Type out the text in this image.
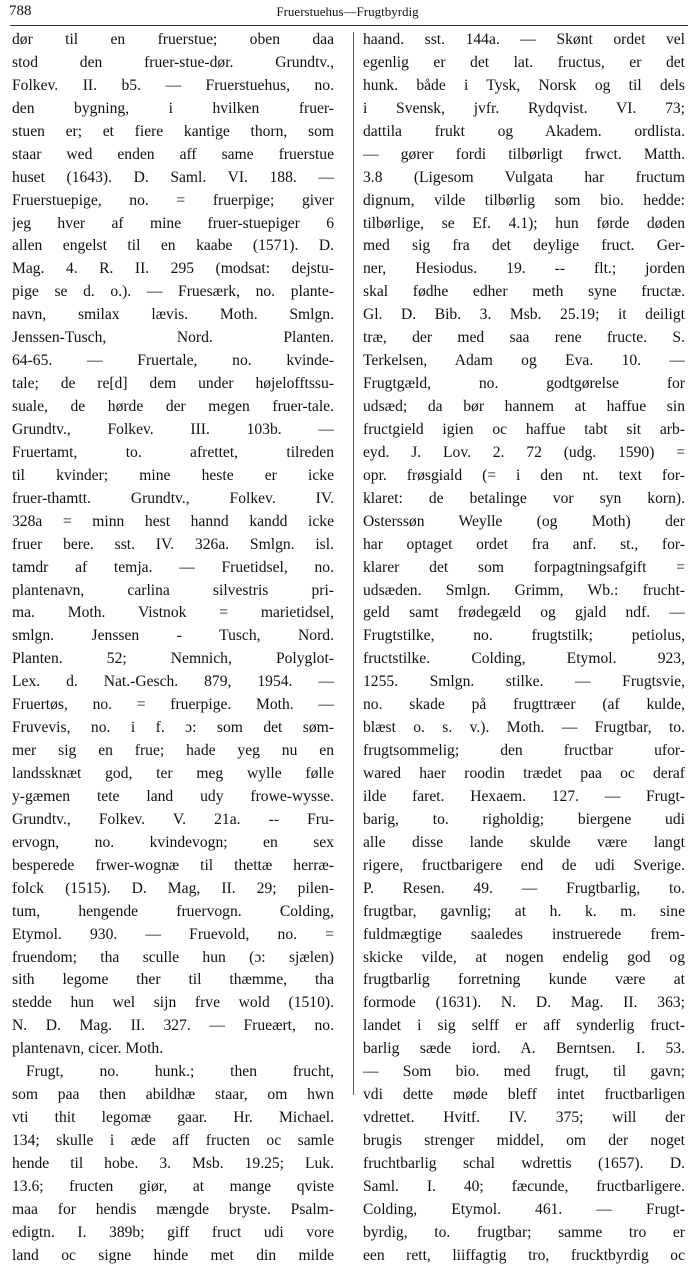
788	Fruerstuehus—Frugtbyrdig
dør til en fruerstue; oben daa
stod den fruer-stue-dør. Grundtv.,
Folkev. II. b5. — Fruerstuehus, no.
den bygning, i hvilken fruer-
stuen er; et fiere kantige thorn, som
staar wed enden aff same fruerstue
huset (1643). D. Saml. VI. 188. —
Fruerstuepige, no. = fruerpige; giver
jeg hver af mine fruer-stuepiger 6
allen engelst til en kaabe (1571). D.
Mag. 4. R. II. 295 (modsat: dejstu-
pige se d. o.). — Fruesærk, no. plante-
navn, smilax lævis. Moth. Smlgn.
Jenssen-Tusch, Nord. Planten.
64-65. — Fruertale, no. kvinde-
tale; de re[d] dem under højelofftssu-
suale, de hørde der megen fruer-tale.
Grundtv., Folkev. III. 103b. —
Fruertamt, to. afrettet, tilreden
til kvinder; mine heste er icke
fruer-thamtt. Grundtv., Folkev. IV.
328a = minn hest hannd kandd icke
fruer bere. sst. IV. 326a. Smlgn. isl.
tamdr af temja. — Fruetidsel, no.
plantenavn, carlina silvestris pri-
ma. Moth. Vistnok = marietidsel,
smlgn. Jenssen - Tusch, Nord.
Planten. 52; Nemnich, Polyglot-
Lex. d. Nat.-Gesch. 879, 1954. —
Fruertøs, no. = fruerpige. Moth. —
Fruvevis, no. i f. ɔ: som det søm-
mer sig en frue; hade yeg nu en
landssknæt god, ter meg wylle følle
y-gæmen tete land udy frowe-wysse.
Grundtv., Folkev. V. 21a. -- Fru-
ervogn, no. kvindevogn; en sex
besperede frwer-wognæ til thettæ herræ-
folck (1515). D. Mag, II. 29; pilen-
tum, hengende fruervogn. Colding,
Etymol. 930. — Fruevold, no. =
fruendom; tha sculle hun (ɔ: sjælen)
sith legome ther til thæmme, tha
stedde hun wel sijn frve wold (1510).
N. D. Mag. II. 327. — Frueært, no.
plantenavn, cicer. Moth.
Frugt, no. hunk.; then frucht,
som paa then abildhæ staar, om hwn
vti thit legomæ gaar. Hr. Michael.
134; skulle i æde aff fructen oc samle
hende til hobe. 3. Msb. 19.25; Luk.
13.6; fructen giør, at mange qviste
maa for hendis mængde bryste. Psalm-
edigtn. I. 389b; giff fruct udi vore
land oc signe hinde met din milde
haand. sst. 144a. — Skønt ordet vel
egenlig er det lat. fructus, er det
hunk. både i Tysk, Norsk og til dels
i Svensk, jvfr. Rydqvist. VI. 73;
dattila frukt og Akadem. ordlista.
— gører fordi tilbørligt frwct. Matth.
3.8 (Ligesom Vulgata har fructum
dignum, vilde tilbørlig som bio. hedde:
tilbørlige, se Ef. 4.1); hun førde døden
med sig fra det deylige fruct. Ger-
ner, Hesiodus. 19. -- flt.; jorden
skal fødhe edher meth syne fructæ.
Gl. D. Bib. 3. Msb. 25.19; it deiligt
træ, der med saa rene fructe. S.
Terkelsen, Adam og Eva. 10. —
Frugtgæld, no. godtgørelse for
udsæd; da bør hannem at haffue sin
fructgield igien oc haffue tabt sit arb-
eyd. J. Lov. 2. 72 (udg. 1590) =
opr. frøsgiald (= i den nt. text for-
klaret: de betalinge vor syn korn).
Osterssøn Weylle (og Moth) der
har optaget ordet fra anf. st., for-
klarer det som forpagtningsafgift =
udsæden. Smlgn. Grimm, Wb.: frucht-
geld samt frødegæld og gjald ndf. —
Frugtstilke, no. frugtstilk; petiolus,
fructstilke. Colding, Etymol. 923,
1255. Smlgn. stilke. — Frugtsvie,
no. skade på frugttræer (af kulde,
blæst o. s. v.). Moth. — Frugtbar, to.
frugtsommelig; den fructbar ufor-
wared haer roodin trædet paa oc deraf
ilde faret. Hexaem. 127. — Frugt-
barig, to. righoldig; biergene udi
alle disse lande skulde være langt
rigere, fructbarigere end de udi Sverige.
P. Resen. 49. — Frugtbarlig, to.
frugtbar, gavnlig; at h. k. m. sine
fuldmægtige saaledes instruerede frem-
skicke vilde, at nogen endelig god og
frugtbarlig forretning kunde være at
formode (1631). N. D. Mag. II. 363;
landet i sig selff er aff synderlig fruct-
barlig sæde iord. A. Berntsen. I. 53.
— Som bio. med frugt, til gavn;
vdi dette møde bleff intet fructbarligen
vdrettet. Hvitf. IV. 375; will der
brugis strenger middel, om der noget
fruchtbarlig schal wdrettis (1657). D.
Saml. I. 40; fæcunde, fructbarligere.
Colding, Etymol. 461. — Frugt-
byrdig, to. frugtbar; samme tro er
een rett, liiffagtig tro, frucktbyrdig oc
